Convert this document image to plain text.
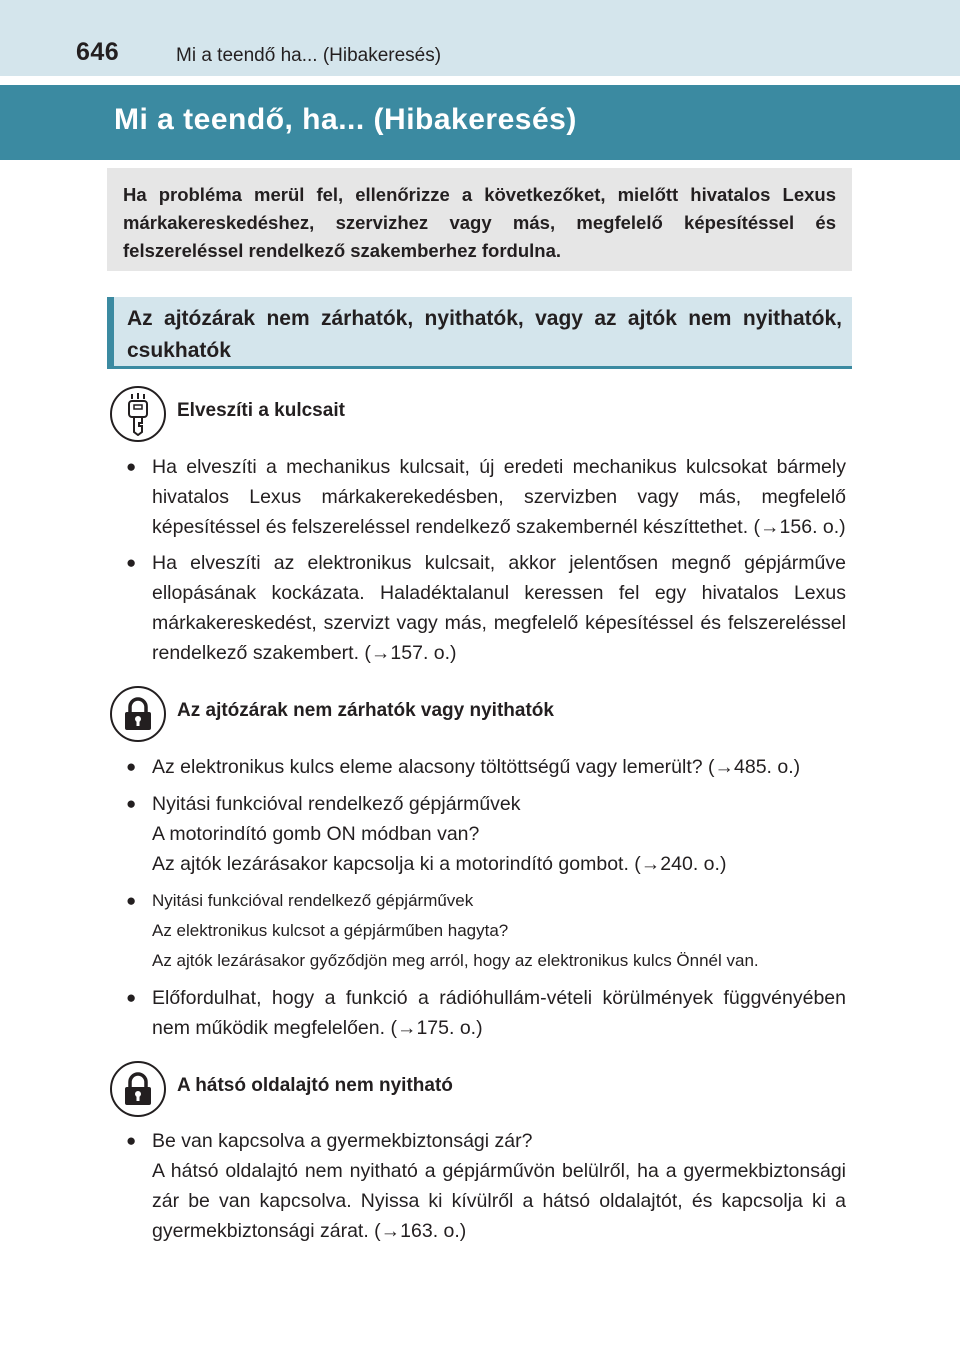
646	Mi a teendő ha... (Hibakeresés)
Mi a teendő, ha... (Hibakeresés)
Ha probléma merül fel, ellenőrizze a következőket, mielőtt hivatalos Lexus márkakereskedéshez, szervizhez vagy más, megfelelő képesítéssel és felszereléssel rendelkező szakemberhez fordulna.
Az ajtózárak nem zárhatók, nyithatók, vagy az ajtók nem nyithatók, csukhatók
Elveszíti a kulcsait
● Ha elveszíti a mechanikus kulcsait, új eredeti mechanikus kulcsokat bármely hivatalos Lexus márkakerekedésben, szervizben vagy más, megfelelő képesítéssel és felszereléssel rendelkező szakembernél készíttethet. (→156. o.)
● Ha elveszíti az elektronikus kulcsait, akkor jelentősen megnő gépjárműve ellopásának kockázata. Haladéktalanul keressen fel egy hivatalos Lexus márkakereskedést, szervizt vagy más, megfelelő képesítéssel és felszereléssel rendelkező szakembert. (→157. o.)
Az ajtózárak nem zárhatók vagy nyithatók
● Az elektronikus kulcs eleme alacsony töltöttségű vagy lemerült? (→485. o.)
● Nyitási funkcióval rendelkező gépjárművek
A motorindító gomb ON módban van?
Az ajtók lezárásakor kapcsolja ki a motorindító gombot. (→240. o.)
● Nyitási funkcióval rendelkező gépjárművek
Az elektronikus kulcsot a gépjárműben hagyta?
Az ajtók lezárásakor győződjön meg arról, hogy az elektronikus kulcs Önnél van.
● Előfordulhat, hogy a funkció a rádióhullám-vételi körülmények függvényében nem működik megfelelően. (→175. o.)
A hátsó oldalajtó nem nyitható
● Be van kapcsolva a gyermekbiztonsági zár?
A hátsó oldalajtó nem nyitható a gépjárművön belülről, ha a gyermekbiztonsági zár be van kapcsolva. Nyissa ki kívülről a hátsó oldalajtót, és kapcsolja ki a gyermekbiztonsági zárat. (→163. o.)
